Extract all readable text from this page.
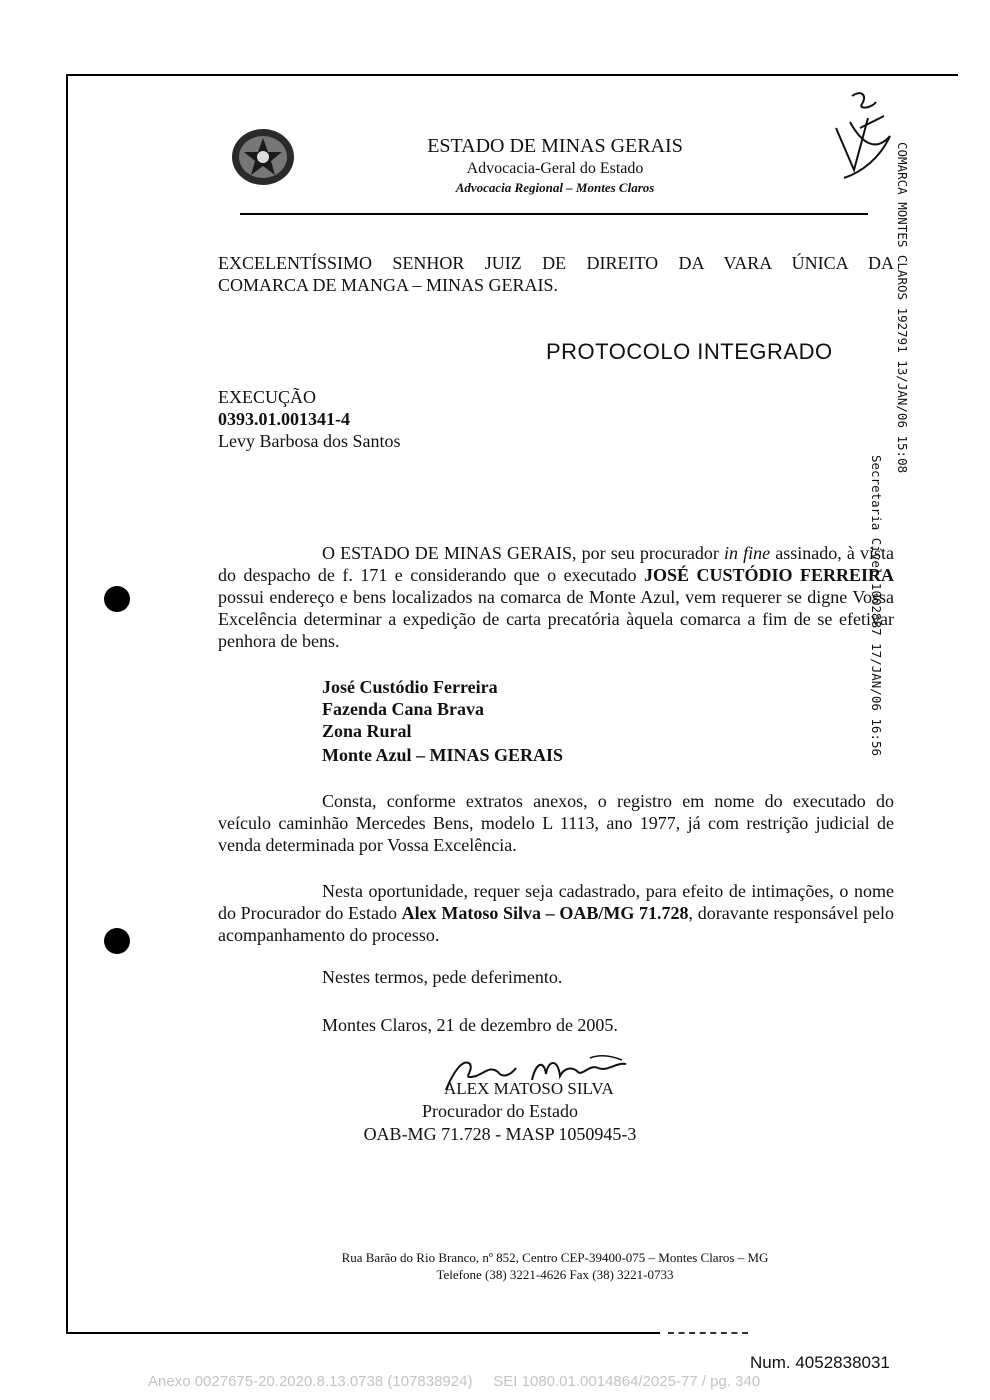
ESTADO DE MINAS GERAIS
Advocacia-Geral do Estado
Advocacia Regional – Montes Claros	COMARCA MONTES CLAROS 192791 13/JAN/06 15:08
Secretaria Cível 1002887 17/JAN/06 16:56
EXCELENTÍSSIMO SENHOR JUIZ DE DIREITO DA VARA ÚNICA DA
COMARCA DE MANGA – MINAS GERAIS.
PROTOCOLO INTEGRADO
EXECUÇÃO
0393.01.001341-4
Levy Barbosa dos Santos
O ESTADO DE MINAS GERAIS, por seu procurador in fine assinado, à vista do despacho de f. 171 e considerando que o executado JOSÉ CUSTÓDIO FERREIRA possui endereço e bens localizados na comarca de Monte Azul, vem requerer se digne Vossa Excelência determinar a expedição de carta precatória àquela comarca a fim de se efetivar penhora de bens.
José Custódio Ferreira
Fazenda Cana Brava
Zona Rural
Monte Azul – MINAS GERAIS
Consta, conforme extratos anexos, o registro em nome do executado do veículo caminhão Mercedes Bens, modelo L 1113, ano 1977, já com restrição judicial de venda determinada por Vossa Excelência.
Nesta oportunidade, requer seja cadastrado, para efeito de intimações, o nome do Procurador do Estado Alex Matoso Silva – OAB/MG 71.728, doravante responsável pelo acompanhamento do processo.
Nestes termos, pede deferimento.
Montes Claros, 21 de dezembro de 2005.
ALEX MATOSO SILVA
Procurador do Estado
OAB-MG 71.728 - MASP 1050945-3
Rua Barão do Rio Branco, nº 852, Centro CEP-39400-075 – Montes Claros – MG
Telefone (38) 3221-4626 Fax (38) 3221-0733
Num. 4052838031
Anexo 0027675-20.2020.8.13.0738 (107838924)     SEI 1080.01.0014864/2025-77 / pg. 340
